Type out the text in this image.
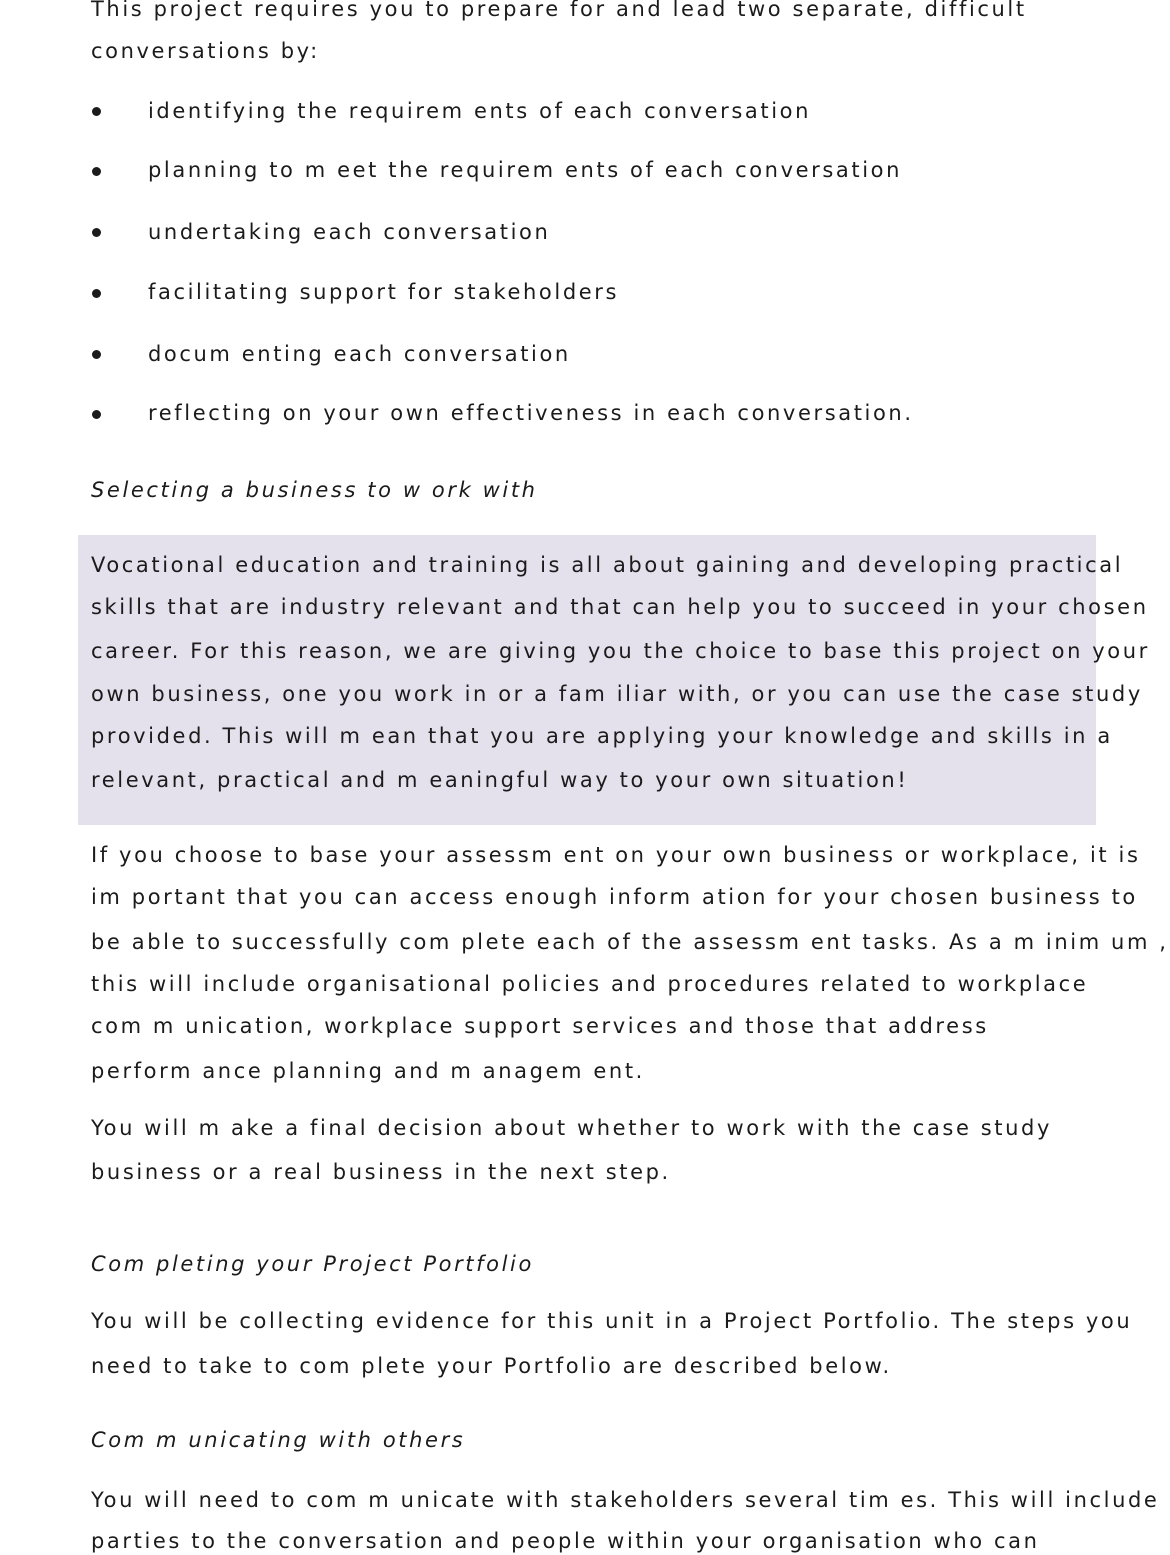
This project requires you to prepare for and lead two separate, difficult
conversations by:
identifying the requirem ents of each conversation
planning to m eet the requirem ents of each conversation
undertaking each conversation
facilitating support for stakeholders
docum enting each conversation
reflecting on your own effectiveness in each conversation.
Selecting a business to w ork with
Vocational education and training is all about gaining and developing practical
skills that are industry relevant and that can help you to succeed in your chosen
career. For this reason, we are giving you the choice to base this project on your
own business, one you work in or a fam iliar with, or you can use the case study
provided. This will m ean that you are applying your knowledge and skills in a
relevant, practical and m eaningful way to your own situation!
If you choose to base your assessm ent on your own business or workplace, it is
im portant that you can access enough inform ation for your chosen business to
be able to successfully com plete each of the assessm ent tasks. As a m inim um ,
this will include organisational policies and procedures related to workplace
com m unication, workplace support services and those that address
perform ance planning and m anagem ent.
You will m ake a final decision about whether to work with the case study
business or a real business in the next step.
Com pleting your Project Portfolio
You will be collecting evidence for this unit in a Project Portfolio. The steps you
need to take to com plete your Portfolio are described below.
Com m unicating with others
You will need to com m unicate with stakeholders several tim es. This will include
parties to the conversation and people within your organisation who can
